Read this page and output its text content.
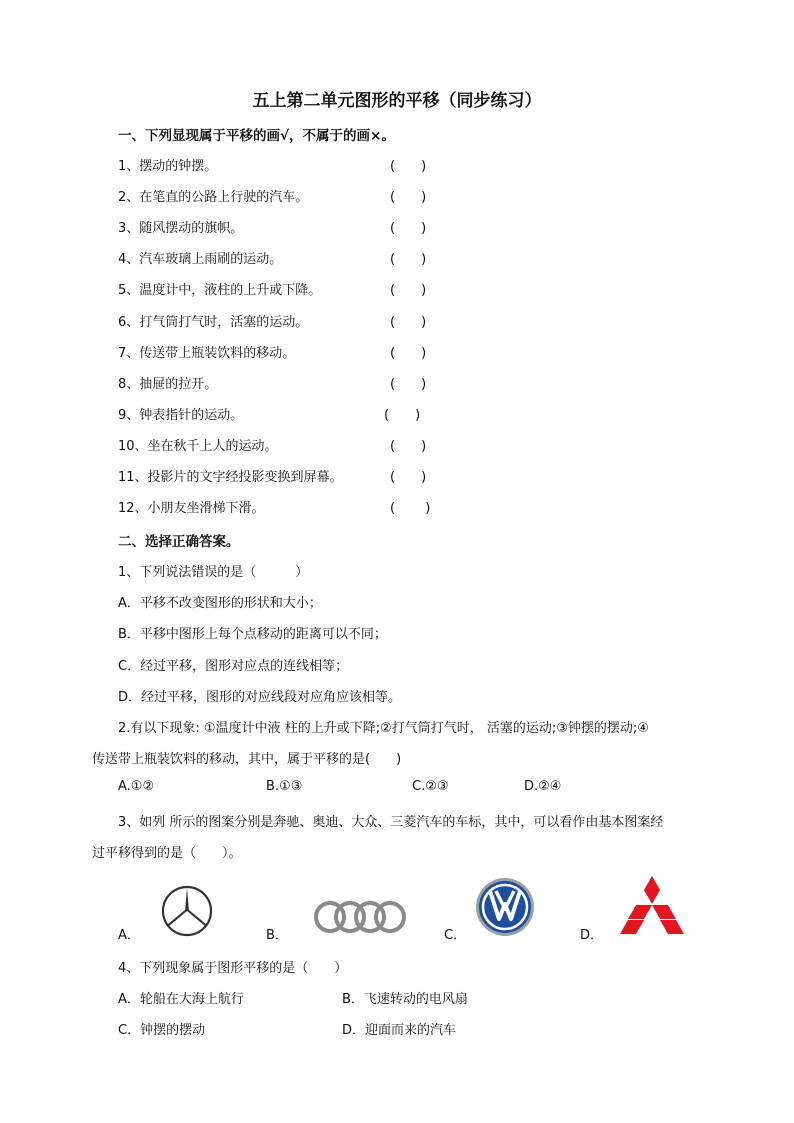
五上第二单元图形的平移（同步练习）
一、下列显现属于平移的画√，不属于的画×。
1、摆动的钟摆。	(　　)
2、在笔直的公路上行驶的汽车。	(　　)
3、随风摆动的旗帜。	(　　)
4、汽车玻璃上雨刷的运动。	(　　)
5、温度计中，液柱的上升或下降。	(　　)
6、打气筒打气时，活塞的运动。	(　　)
7、传送带上瓶装饮料的移动。	(　　)
8、抽屉的拉开。	(　　)
9、钟表指针的运动。	(　　)
10、坐在秋千上人的运动。	(　　)
11、投影片的文字经投影变换到屏幕。	(　　)
12、小朋友坐滑梯下滑。	(　　 )
二、选择正确答案。
1、下列说法错误的是（　　　）
A．平移不改变图形的形状和大小；
B．平移中图形上每个点移动的距离可以不同；
C．经过平移，图形对应点的连线相等；
D．经过平移，图形的对应线段对应角应该相等。
2.有以下现象: ①温度计中液 柱的上升或下降;②打气筒打气时， 活塞的运动;③钟摆的摆动;④
传送带上瓶装饮料的移动，其中，属于平移的是(　　)
A.①②	B.①③	C.②③	D.②④
3、如列 所示的图案分别是奔驰、奥迪、大众、三菱汽车的车标，其中，可以看作由基本图案经
过平移得到的是（　　）。
A．	B．	C．	D．
4、下列现象属于图形平移的是（　　）
A．轮船在大海上航行	B．飞速转动的电风扇
C．钟摆的摆动	D．迎面而来的汽车
